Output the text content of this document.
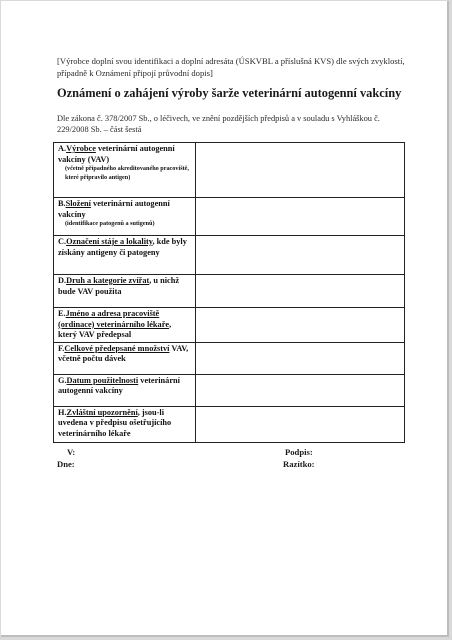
[Výrobce doplní svou identifikaci a doplní adresáta (ÚSKVBL a příslušná KVS) dle svých zvyklostí, případně k Oznámení připojí průvodní dopis]
Oznámení o zahájení výroby šarže veterinární autogenní vakcíny
Dle zákona č. 378/2007 Sb., o léčivech, ve znění pozdějších předpisů a v souladu s Vyhláškou č. 229/2008 Sb. – část šestá
A.Výrobce veterinární autogenní vakcíny (VAV)
(včetně případného akreditovaného pracoviště, které připravilo antigen)	

B.Složení veterinární autogenní vakcíny
(identifikace patogenů a sutigenů)	

C.Označení stáje a lokality, kde byly získány antigeny či patogeny	
D.Druh a kategorie zvířat, u nichž bude VAV použita	
E.Jméno a adresa pracoviště (ordinace) veterinárního lékaře, který VAV předepsal	
F.Celkové předepsané množství VAV, včetně počtu dávek	
G.Datum použitelnosti veterinární autogenní vakcíny	
H.Zvláštní upozornění, jsou-li uvedena v předpisu ošetřujícího veterinárního lékaře	
V:
Dne:
Podpis:
Razítko:
